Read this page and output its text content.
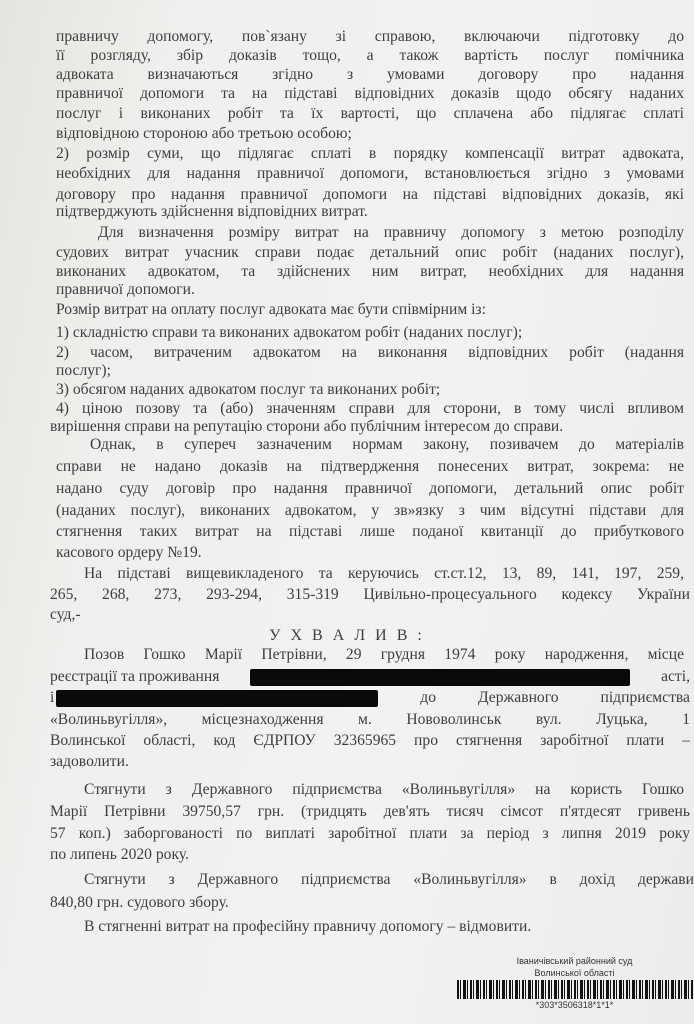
правничу допомогу, пов`язану зі справою, включаючи підготовку до
її розгляду, збір доказів тощо, а також вартість послуг помічника
адвоката визначаються згідно з умовами договору про надання
правничої допомоги та на підставі відповідних доказів щодо обсягу наданих
послуг і виконаних робіт та їх вартості, що сплачена або підлягає сплаті
відповідною стороною або третьою особою;
2) розмір суми, що підлягає сплаті в порядку компенсації витрат адвоката,
необхідних для надання правничої допомоги, встановлюється згідно з умовами
договору про надання правничої допомоги на підставі відповідних доказів, які
підтверджують здійснення відповідних витрат.
Для визначення розміру витрат на правничу допомогу з метою розподілу
судових витрат учасник справи подає детальний опис робіт (наданих послуг),
виконаних адвокатом, та здійснених ним витрат, необхідних для надання
правничої допомоги.
Розмір витрат на оплату послуг адвоката має бути співмірним із:
1) складністю справи та виконаних адвокатом робіт (наданих послуг);
2) часом, витраченим адвокатом на виконання відповідних робіт (надання
послуг);
3) обсягом наданих адвокатом послуг та виконаних робіт;
4) ціною позову та (або) значенням справи для сторони, в тому числі впливом
вирішення справи на репутацію сторони або публічним інтересом до справи.
Однак, в супереч зазначеним нормам закону, позивачем до матеріалів
справи не надано доказів на підтвердження понесених витрат, зокрема: не
надано суду договір про надання правничої допомоги, детальний опис робіт
(наданих послуг), виконаних адвокатом, у зв»язку з чим відсутні підстави для
стягнення таких витрат на підставі лише поданої квитанції до прибуткового
касового ордеру №19.
На підставі вищевикладеного та керуючись ст.ст.12, 13, 89, 141, 197, 259,
265, 268, 273, 293-294, 315-319 Цивільно-процесуального кодексу України
суд,-
У Х В А Л И В :
Позов Гошко Марії Петрівни, 29 грудня 1974 року народження, місце
реєстрації та проживання	асті,
і	до	Державного	підприємства
«Волиньвугілля», місцезнаходження м. Нововолинськ вул. Луцька, 1
Волинської області, код ЄДРПОУ 32365965 про стягнення заробітної плати –
задоволити.
Стягнути з Державного підприємства «Волиньвугілля» на користь Гошко
Марії Петрівни 39750,57 грн. (тридцять дев'ять тисяч сімсот п'ятдесят гривень
57 коп.) заборгованості по виплаті заробітної плати за період з липня 2019 року
по липень 2020 року.
Стягнути з Державного підприємства «Волиньвугілля» в дохід держави
840,80 грн. судового збору.
В стягненні витрат на професійну правничу допомогу – відмовити.
Іваничівський районний суд
Волинської області
*303*3506318*1*1*
